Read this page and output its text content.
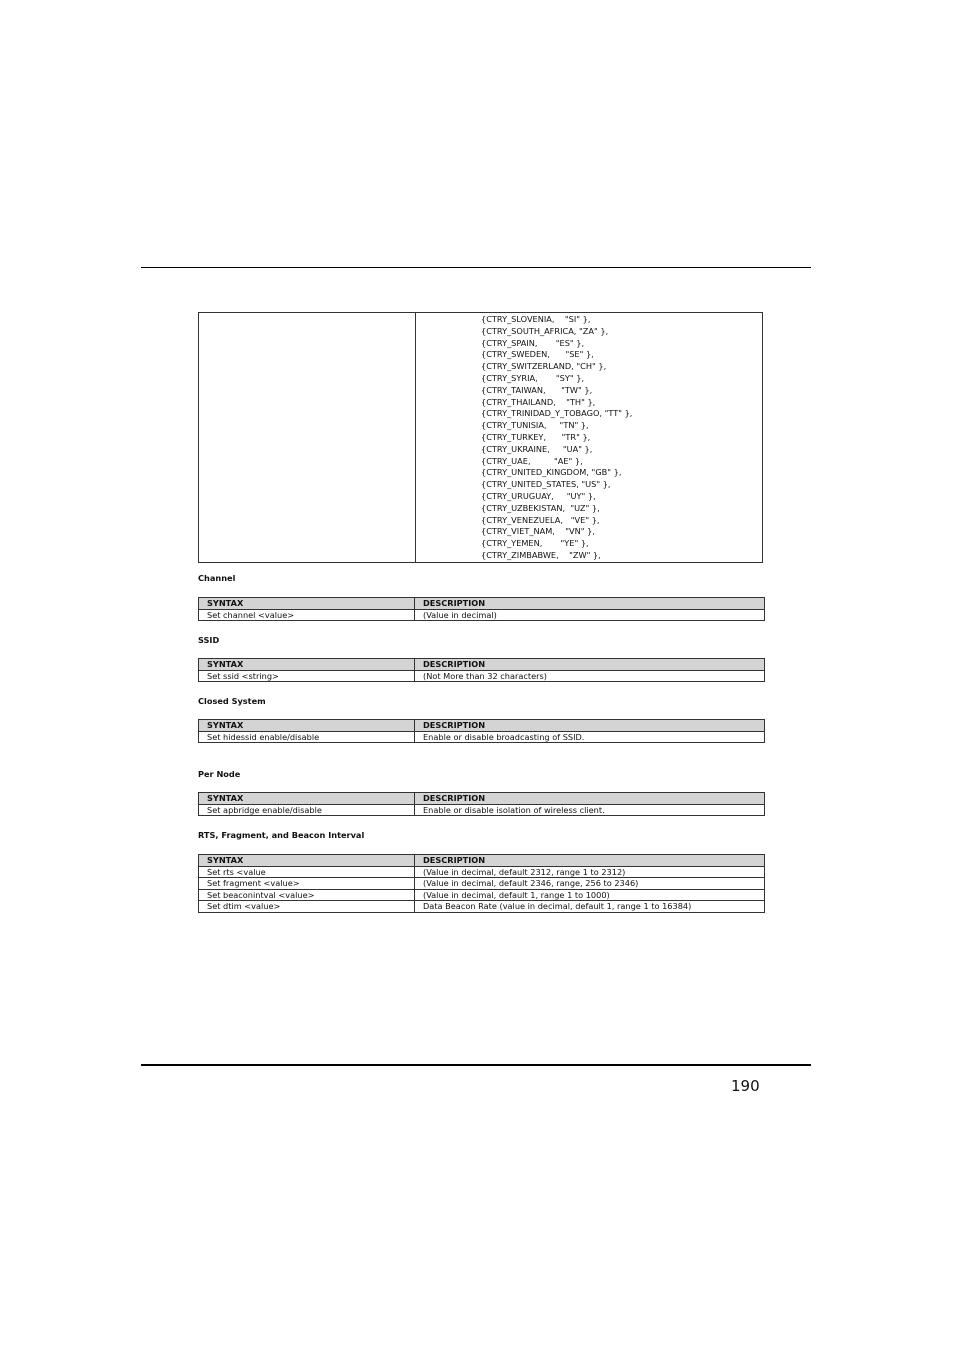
{CTRY_SLOVENIA,    "SI" },
{CTRY_SOUTH_AFRICA, "ZA" },
{CTRY_SPAIN,       "ES" },
{CTRY_SWEDEN,      "SE" },
{CTRY_SWITZERLAND, "CH" },
{CTRY_SYRIA,       "SY" },
{CTRY_TAIWAN,      "TW" },
{CTRY_THAILAND,    "TH" },
{CTRY_TRINIDAD_Y_TOBAGO, "TT" },
{CTRY_TUNISIA,     "TN" },
{CTRY_TURKEY,      "TR" },
{CTRY_UKRAINE,     "UA" },
{CTRY_UAE,         "AE" },
{CTRY_UNITED_KINGDOM, "GB" },
{CTRY_UNITED_STATES, "US" },
{CTRY_URUGUAY,     "UY" },
{CTRY_UZBEKISTAN,  "UZ" },
{CTRY_VENEZUELA,   "VE" },
{CTRY_VIET_NAM,    "VN" },
{CTRY_YEMEN,       "YE" },
{CTRY_ZIMBABWE,    "ZW" },
Channel
SYNTAX	DESCRIPTION
Set channel <value>	(Value in decimal)
SSID
SYNTAX	DESCRIPTION
Set ssid <string>	(Not More than 32 characters)
Closed System
SYNTAX	DESCRIPTION
Set hidessid enable/disable	Enable or disable broadcasting of SSID.
Per Node
SYNTAX	DESCRIPTION
Set apbridge enable/disable	Enable or disable isolation of wireless client.
RTS, Fragment, and Beacon Interval
SYNTAX	DESCRIPTION
Set rts <value	(Value in decimal, default 2312, range 1 to 2312)
Set fragment <value>	(Value in decimal, default 2346, range, 256 to 2346)
Set beaconintval <value>	(Value in decimal, default 1, range 1 to 1000)
Set dtim <value>	Data Beacon Rate (value in decimal, default 1, range 1 to 16384)
190
